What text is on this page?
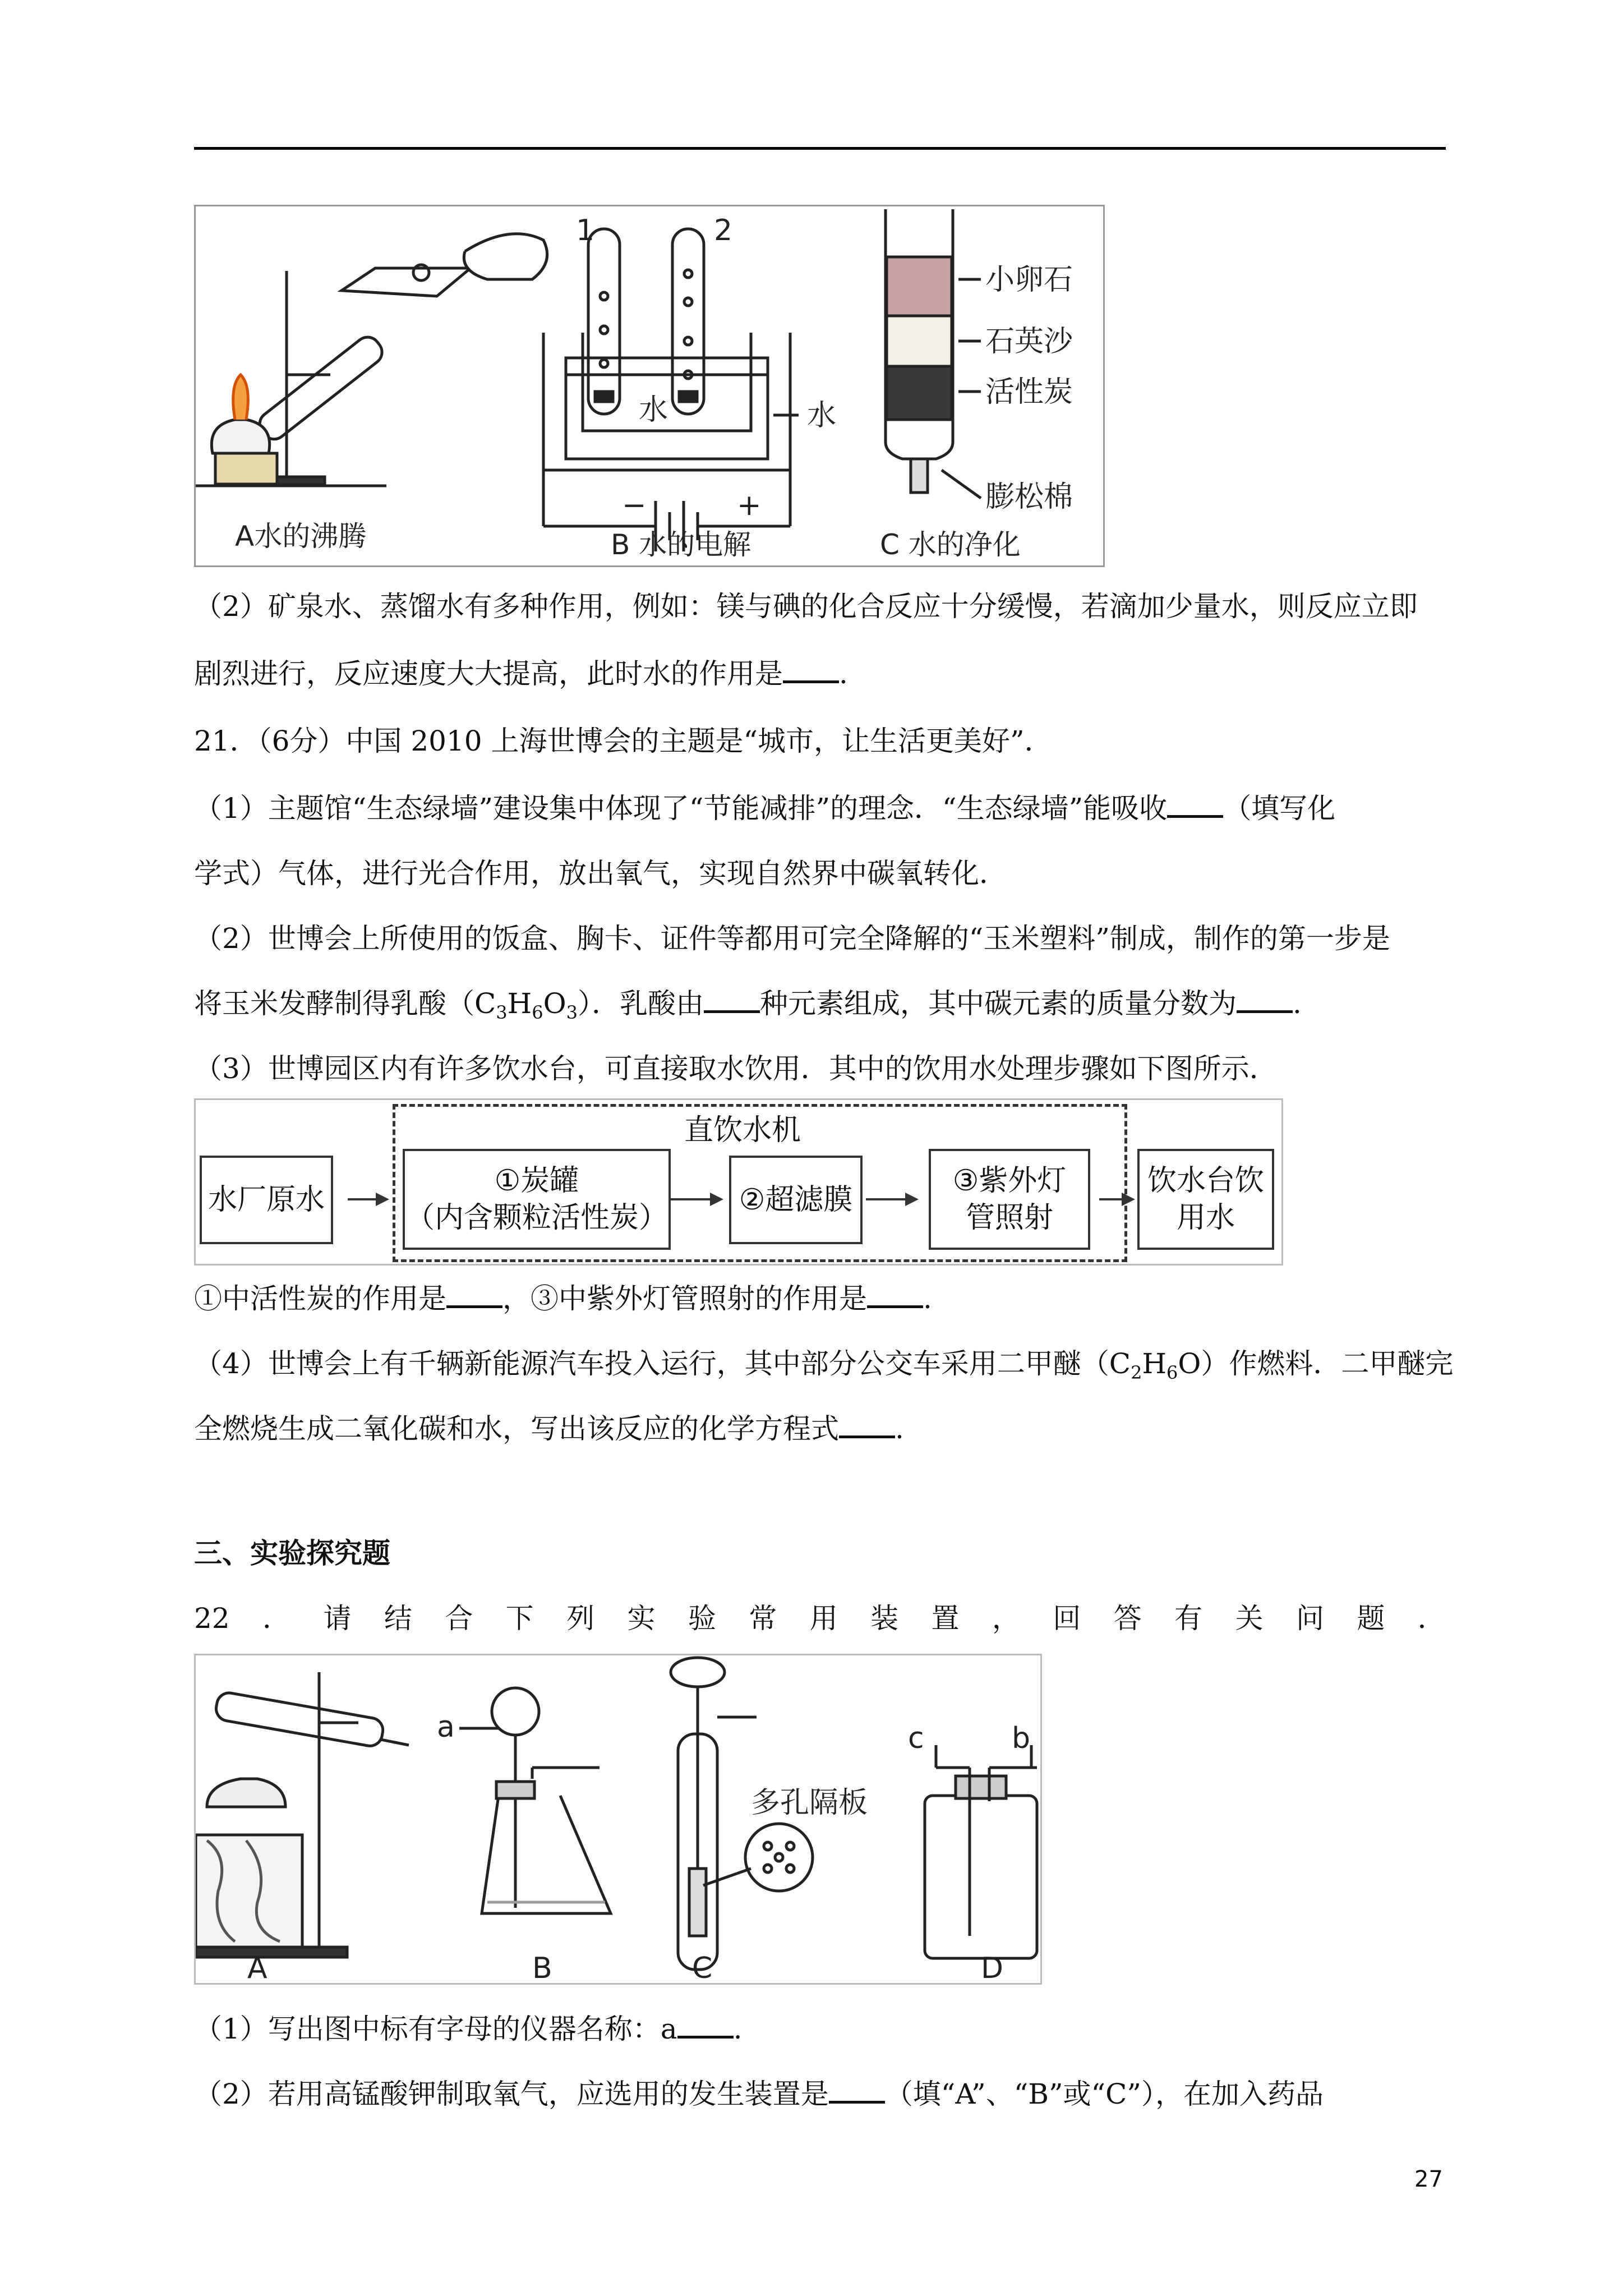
A水的沸腾
1	2
水	水
−	+
B 水的电解
小卵石
石英沙
活性炭
膨松棉
C 水的净化
（2）矿泉水、蒸馏水有多种作用，例如：镁与碘的化合反应十分缓慢，若滴加少量水，则反应立即
剧烈进行，反应速度大大提高，此时水的作用是 .
21．（6分）中国 2010 上海世博会的主题是“城市，让生活更美好”．
（1）主题馆“生态绿墙”建设集中体现了“节能减排”的理念．“生态绿墙”能吸收 （填写化
学式）气体，进行光合作用，放出氧气，实现自然界中碳氧转化．
（2）世博会上所使用的饭盒、胸卡、证件等都用可完全降解的“玉米塑料”制成，制作的第一步是
将玉米发酵制得乳酸$(C_3H_6O_3)$．乳酸由 种元素组成，其中碳元素的质量分数为 .
（3）世博园区内有许多饮水台，可直接取水饮用．其中的饮用水处理步骤如下图所示．
直饮水机
水厂原水
①炭罐
（内含颗粒活性炭）
②超滤膜
③紫外灯
管照射
饮水台饮
用水
①中活性炭的作用是 ，③中紫外灯管照射的作用是 .
（4）世博会上有千辆新能源汽车投入运行，其中部分公交车采用二甲醚$(C_2H_6O)$作燃料．二甲醚完
全燃烧生成二氧化碳和水，写出该反应的化学方程式 .
三、实验探究题
22 ． 请 结 合 下 列 实 验 常 用 装 置 ， 回 答 有 关 问 题 ．
A
a
B
多孔隔板
C
c	b
D
（1）写出图中标有字母的仪器名称：a .
（2）若用高锰酸钾制取氧气，应选用的发生装置是 （填“A”、“B”或“C”），在加入药品
27
